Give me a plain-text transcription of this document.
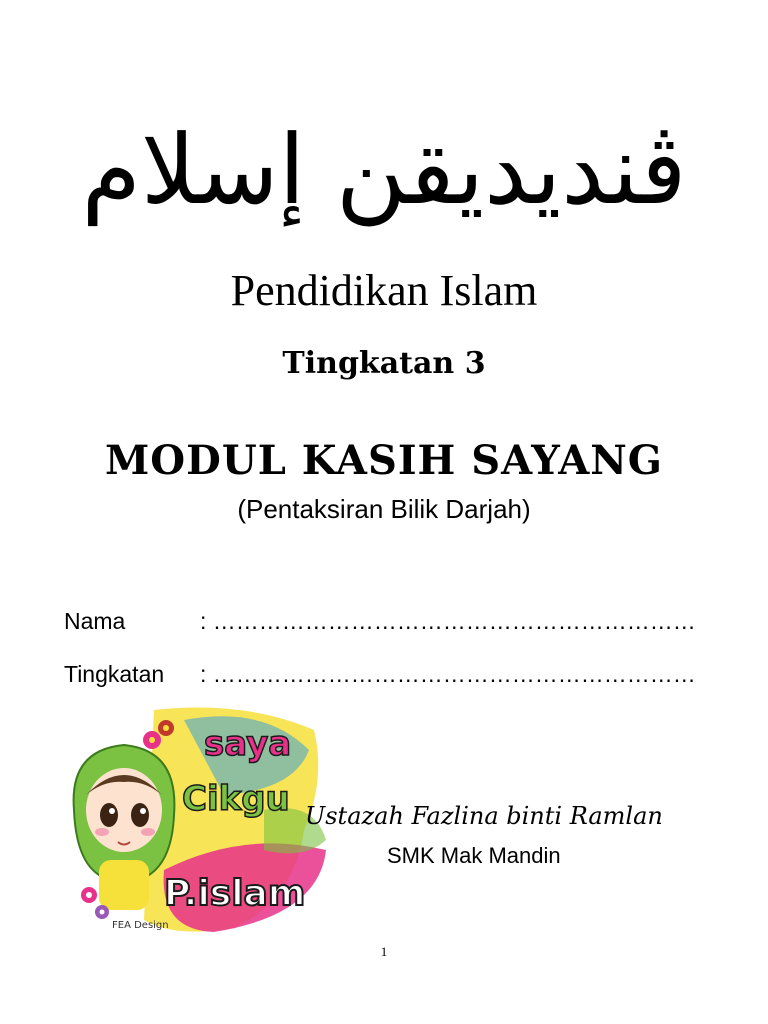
ڤنديديقن إسلام
Pendidikan Islam
Tingkatan 3
MODUL KASIH SAYANG
(Pentaksiran Bilik Darjah)
Nama	: ………………………………………………………
Tingkatan : ………………………………………………………
saya
Cikgu
P.islam
FEA Design
Ustazah Fazlina binti Ramlan
SMK Mak Mandin
1
